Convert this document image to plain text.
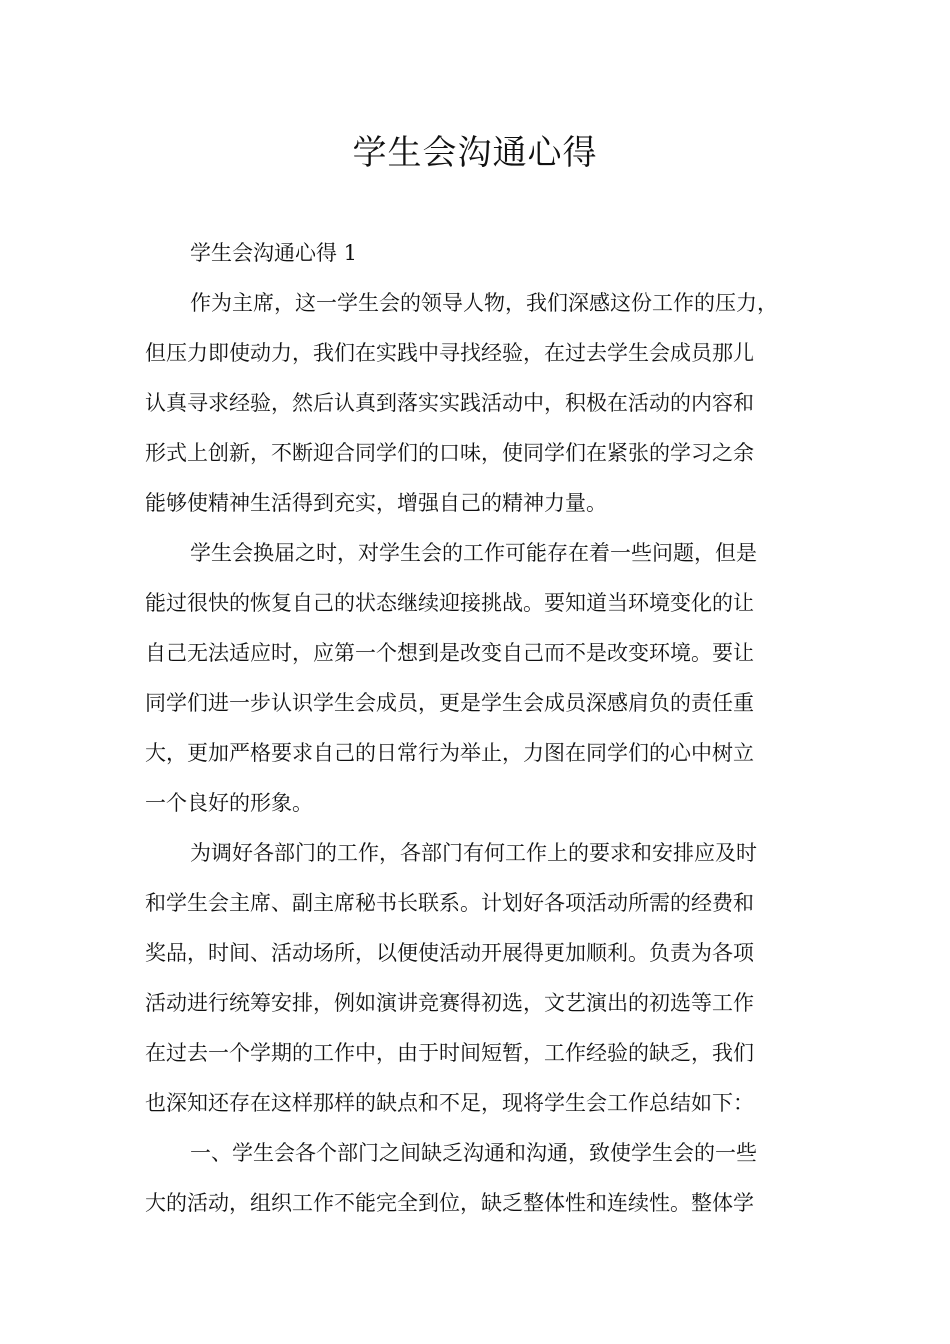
学生会沟通心得
学生会沟通心得 1
作为主席，这一学生会的领导人物，我们深感这份工作的压力，
但压力即使动力，我们在实践中寻找经验，在过去学生会成员那儿
认真寻求经验，然后认真到落实实践活动中，积极在活动的内容和
形式上创新，不断迎合同学们的口味，使同学们在紧张的学习之余
能够使精神生活得到充实，增强自己的精神力量。
学生会换届之时，对学生会的工作可能存在着一些问题，但是
能过很快的恢复自己的状态继续迎接挑战。要知道当环境变化的让
自己无法适应时，应第一个想到是改变自己而不是改变环境。要让
同学们进一步认识学生会成员，更是学生会成员深感肩负的责任重
大，更加严格要求自己的日常行为举止，力图在同学们的心中树立
一个良好的形象。
为调好各部门的工作，各部门有何工作上的要求和安排应及时
和学生会主席、副主席秘书长联系。计划好各项活动所需的经费和
奖品，时间、活动场所，以便使活动开展得更加顺利。负责为各项
活动进行统筹安排，例如演讲竞赛得初选，文艺演出的初选等工作
在过去一个学期的工作中，由于时间短暂，工作经验的缺乏，我们
也深知还存在这样那样的缺点和不足，现将学生会工作总结如下：
一、学生会各个部门之间缺乏沟通和沟通，致使学生会的一些
大的活动，组织工作不能完全到位，缺乏整体性和连续性。整体学
